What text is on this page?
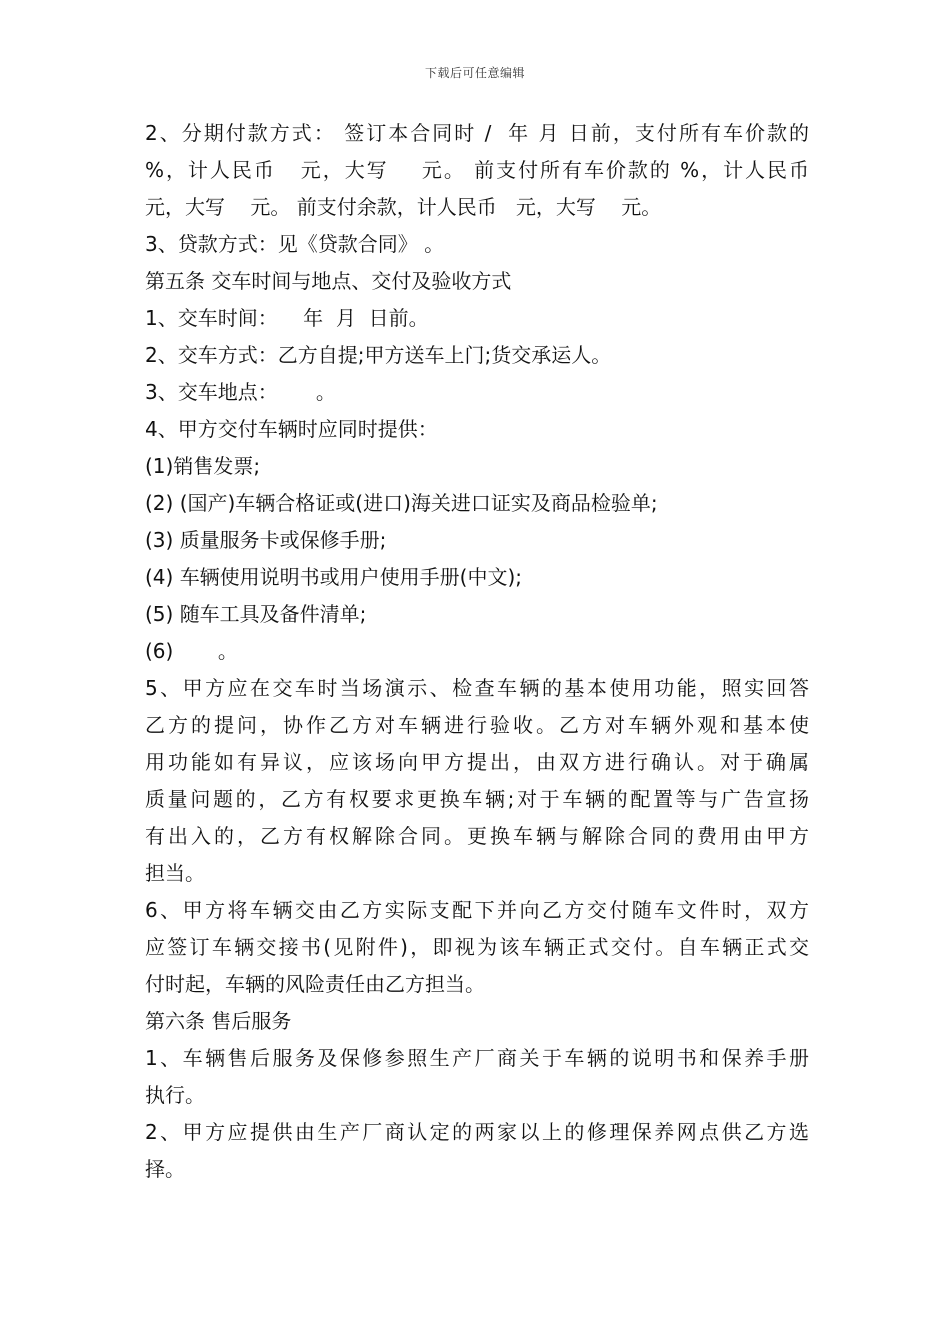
下载后可任意编辑
2、分期付款方式： 签订本合同时 /  年 月 日前，支付所有车价款的
%，计人民币   元，大写    元。 前支付所有车价款的 %，计人民币
元，大写    元。 前支付余款，计人民币   元，大写    元。
3、贷款方式：见《贷款合同》 。
第五条 交车时间与地点、交付及验收方式
1、交车时间：    年  月  日前。
2、交车方式：乙方自提;甲方送车上门;货交承运人。
3、交车地点：      。
4、甲方交付车辆时应同时提供：
(1)销售发票;
(2) (国产)车辆合格证或(进口)海关进口证实及商品检验单;
(3) 质量服务卡或保修手册;
(4) 车辆使用说明书或用户使用手册(中文);
(5) 随车工具及备件清单;
(6)       。
5、甲方应在交车时当场演示、检查车辆的基本使用功能，照实回答
乙方的提问，协作乙方对车辆进行验收。乙方对车辆外观和基本使
用功能如有异议，应该场向甲方提出，由双方进行确认。对于确属
质量问题的，乙方有权要求更换车辆;对于车辆的配置等与广告宣扬
有出入的，乙方有权解除合同。更换车辆与解除合同的费用由甲方
担当。
6、甲方将车辆交由乙方实际支配下并向乙方交付随车文件时，双方
应签订车辆交接书(见附件)，即视为该车辆正式交付。自车辆正式交
付时起，车辆的风险责任由乙方担当。
第六条 售后服务
1、车辆售后服务及保修参照生产厂商关于车辆的说明书和保养手册
执行。
2、甲方应提供由生产厂商认定的两家以上的修理保养网点供乙方选
择。
